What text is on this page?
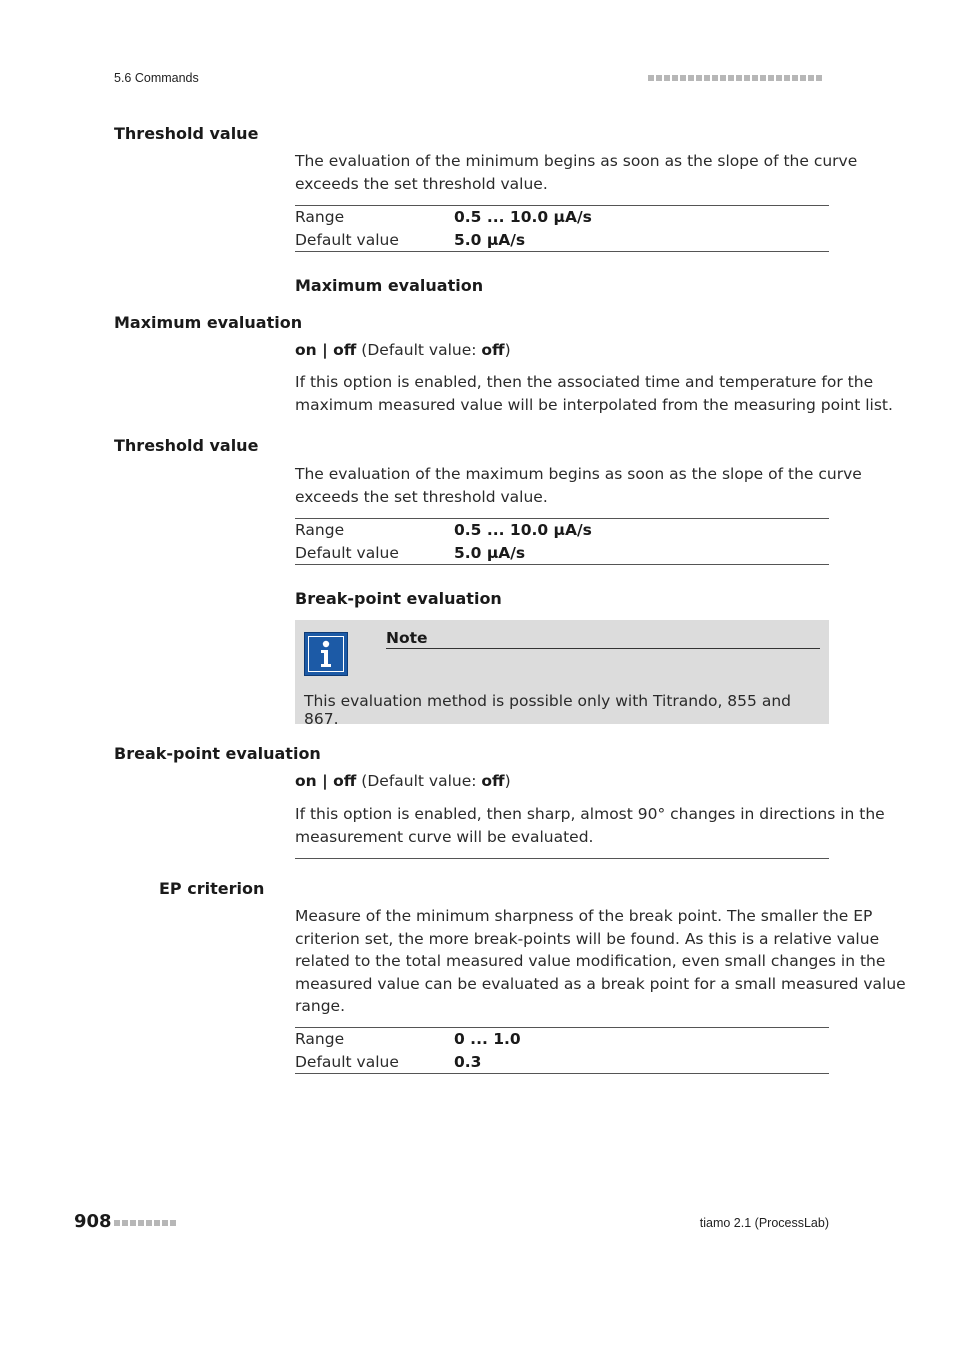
5.6 Commands
Threshold value
The evaluation of the minimum begins as soon as the slope of the curve
exceeds the set threshold value.
Range	0.5 ... 10.0 µA/s
Default value	5.0 µA/s
Maximum evaluation
Maximum evaluation
on | off (Default value: off)
If this option is enabled, then the associated time and temperature for the
maximum measured value will be interpolated from the measuring point list.
Threshold value
The evaluation of the maximum begins as soon as the slope of the curve
exceeds the set threshold value.
Range	0.5 ... 10.0 µA/s
Default value	5.0 µA/s
Break-point evaluation
Note
This evaluation method is possible only with Titrando, 855 and 867.
Break-point evaluation
on | off (Default value: off)
If this option is enabled, then sharp, almost 90° changes in directions in the
measurement curve will be evaluated.
EP criterion
Measure of the minimum sharpness of the break point. The smaller the EP
criterion set, the more break-points will be found. As this is a relative value
related to the total measured value modification, even small changes in the
measured value can be evaluated as a break point for a small measured value
range.
Range	0 ... 1.0
Default value	0.3
908	tiamo 2.1 (ProcessLab)
